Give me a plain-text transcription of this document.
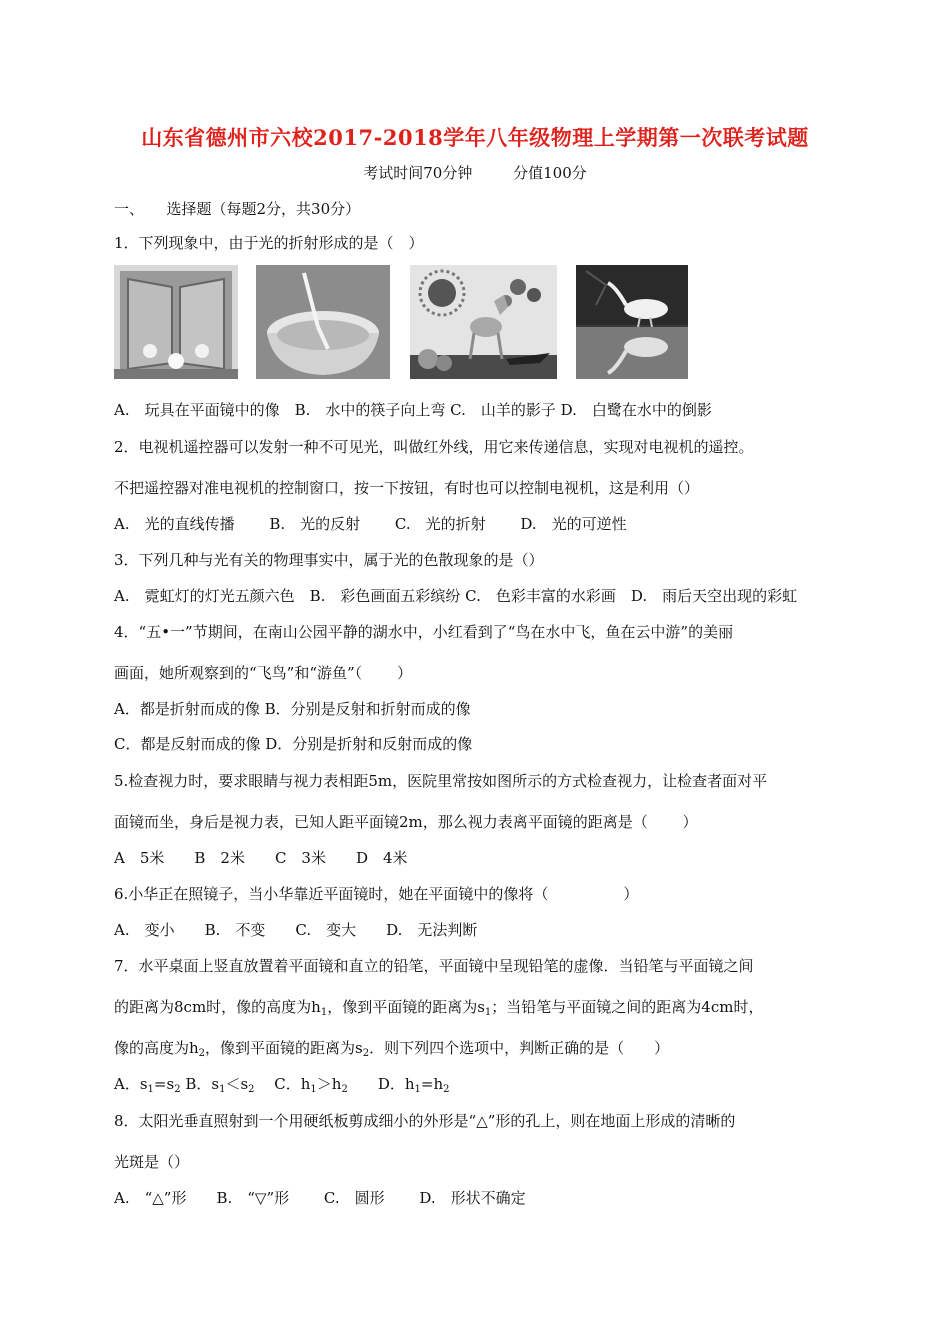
山东省德州市六校2017-2018学年八年级物理上学期第一次联考试题
考试时间70分钟	分值100分
一、　　选择题（每题2分，共30分）
1．下列现象中，由于光的折射形成的是（　）
A.　玩具在平面镜中的像　B.　水中的筷子向上弯 C.　山羊的影子 D.　白鹭在水中的倒影
2．电视机遥控器可以发射一种不可见光，叫做红外线，用它来传递信息，实现对电视机的遥控。
不把遥控器对准电视机的控制窗口，按一下按钮，有时也可以控制电视机，这是利用（）
A.　光的直线传播　　 B.　光的反射　　 C.　光的折射　　 D.　光的可逆性
3．下列几种与光有关的物理事实中，属于光的色散现象的是（）
A.　霓虹灯的灯光五颜六色　B.　彩色画面五彩缤纷 C.　色彩丰富的水彩画　D.　雨后天空出现的彩虹
4．“五•一”节期间，在南山公园平静的湖水中，小红看到了“鸟在水中飞，鱼在云中游”的美丽
画面，她所观察到的“飞鸟”和“游鱼”（　　 ）
A．都是折射而成的像 B．分别是反射和折射而成的像
C．都是反射而成的像 D．分别是折射和反射而成的像
5.检查视力时，要求眼睛与视力表相距5m，医院里常按如图所示的方式检查视力，让检查者面对平
面镜而坐，身后是视力表，已知人距平面镜2m，那么视力表离平面镜的距离是（　　 ）
A　5米　　B　2米　　C　3米　　D　4米
6.小华正在照镜子，当小华靠近平面镜时，她在平面镜中的像将（　　　　　）
A.　变小　　B.　不变　　C.　变大　　D.　无法判断
7．水平桌面上竖直放置着平面镜和直立的铅笔，平面镜中呈现铅笔的虚像．当铅笔与平面镜之间
的距离为8cm时，像的高度为$h_1$，像到平面镜的距离为$s_1$；当铅笔与平面镜之间的距离为4cm时，
像的高度为$h_2$，像到平面镜的距离为$s_2$．则下列四个选项中，判断正确的是（　　）
A．$s_1=s_2$ B．$s_1<s_2$　 C．$h_1>h_2$　　D．$h_1=h_2$
8．太阳光垂直照射到一个用硬纸板剪成细小的外形是“△”形的孔上，则在地面上形成的清晰的
光斑是（）
A.　“△”形　　B.　“▽”形　　 C.　圆形　　 D.　形状不确定
